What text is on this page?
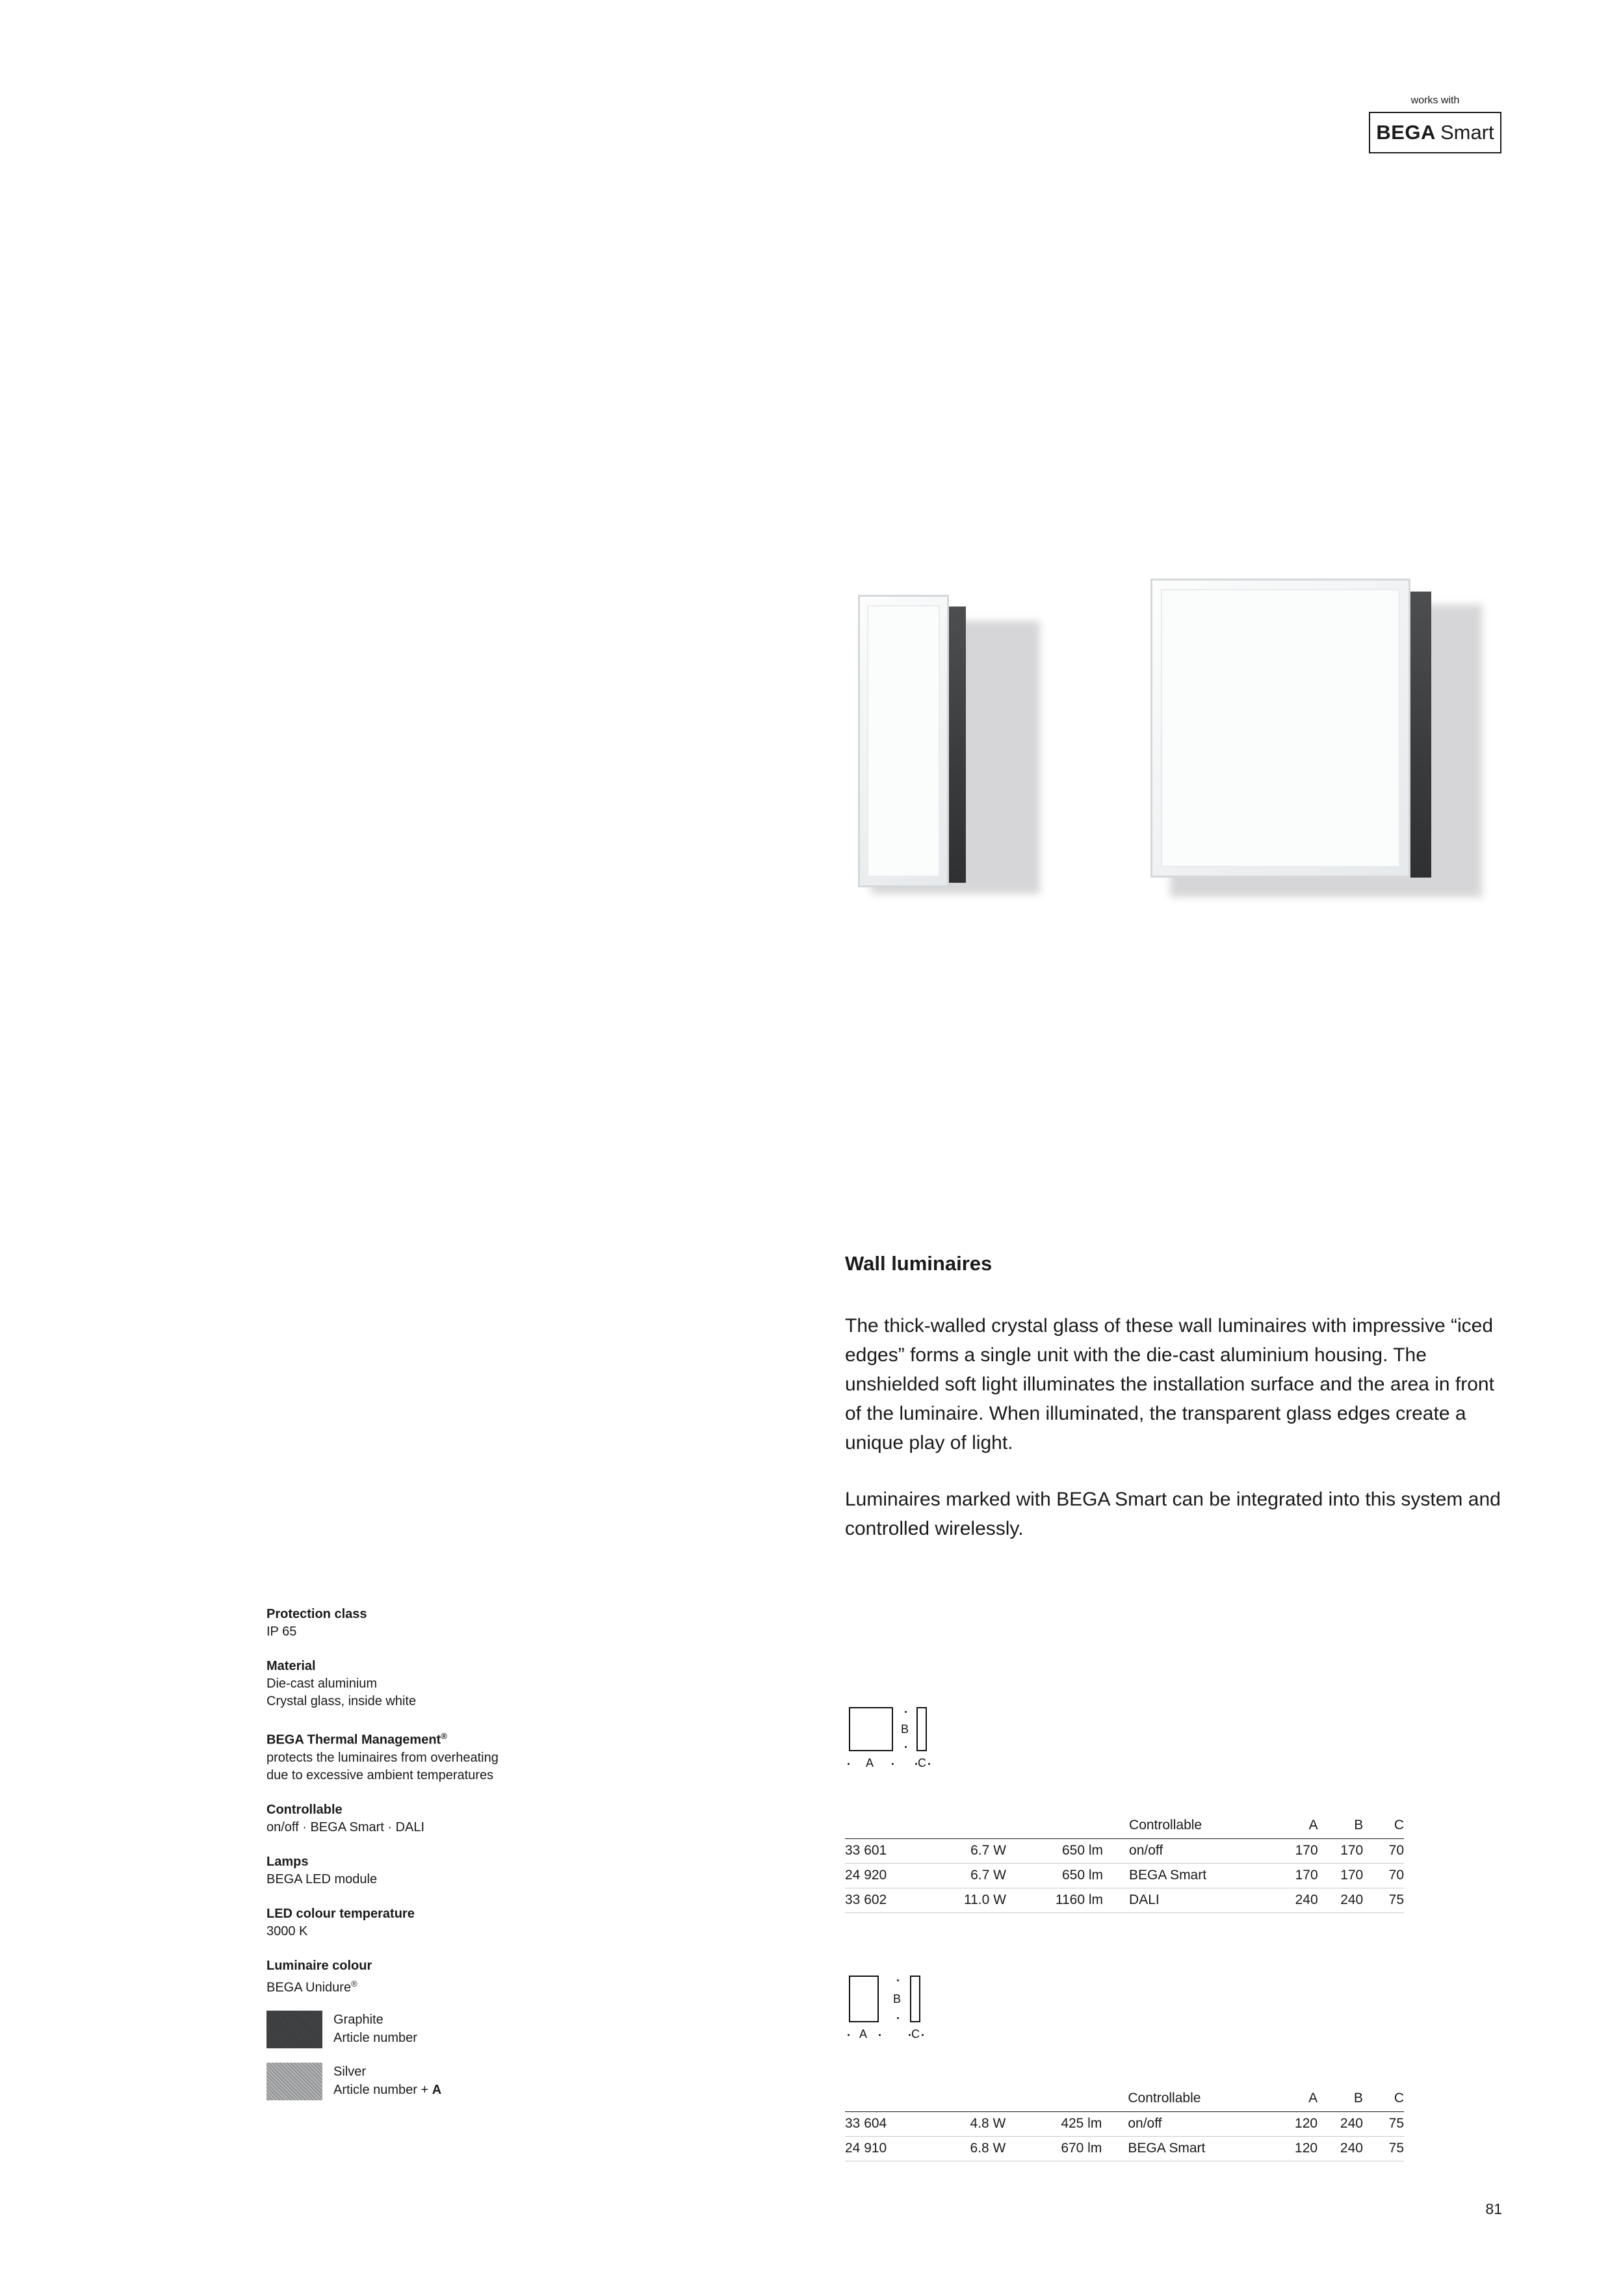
works with
BEGA Smart
Wall luminaires

The thick-walled crystal glass of these wall luminaires with impressive “iced edges” forms a single unit with the die-cast aluminium housing. The unshielded soft light illuminates the installation surface and the area in front of the luminaire. When illuminated, the transparent glass edges create a unique play of light.

Luminaires marked with BEGA Smart can be integrated into this system and controlled wirelessly.

Protection class
IP 65
Material
Die-cast aluminium
Crystal glass, inside white
BEGA Thermal Management®
protects the luminaires from overheating
due to excessive ambient temperatures
Controllable
on/off · BEGA Smart · DALI
Lamps
BEGA LED module
LED colour temperature
3000 K
Luminaire colour
BEGA Unidure®
Graphite
Article number
Silver
Article number + A
B
A	C
			Controllable	A	B	C
33 601	6.7 W	650 lm	on/off	170	170	70
24 920	6.7 W	650 lm	BEGA Smart	170	170	70
33 602	11.0 W	1160 lm	DALI	240	240	75
B
A	C
			Controllable	A	B	C
33 604	4.8 W	425 lm	on/off	120	240	75
24 910	6.8 W	670 lm	BEGA Smart	120	240	75
81
